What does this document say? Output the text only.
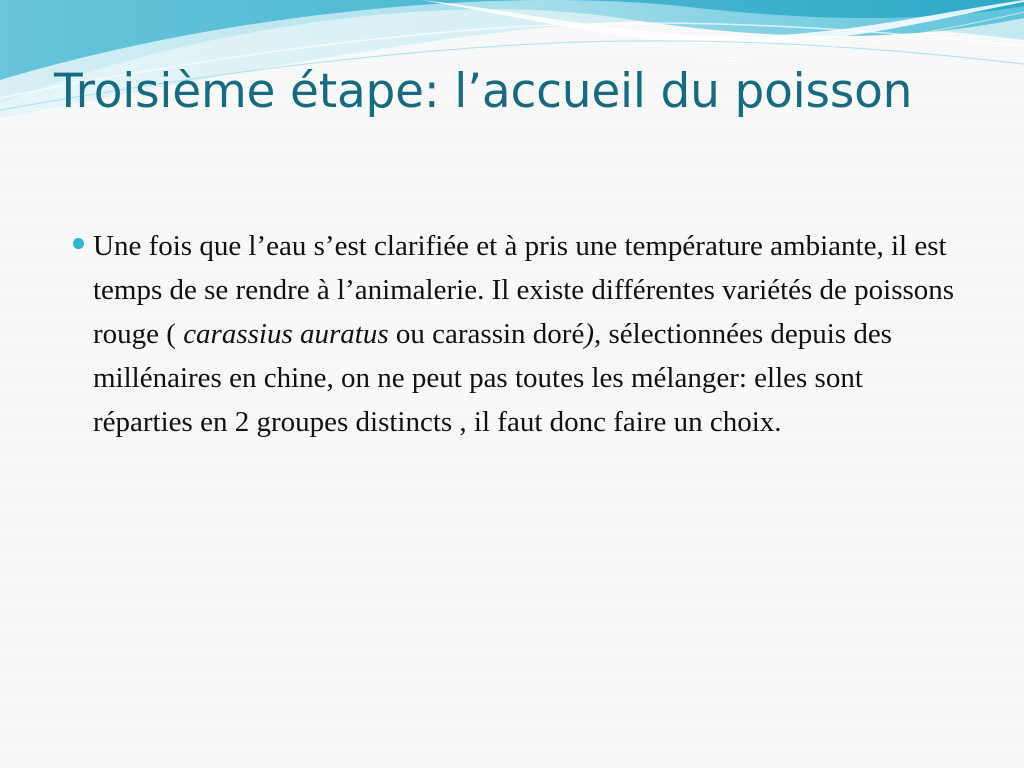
Troisième étape: l’accueil du poisson

Une fois que l’eau s’est clarifiée et à pris une température ambiante, il est temps de se rendre à l’animalerie. Il existe différentes variétés de poissons rouge ( carassius auratus ou carassin doré), sélectionnées depuis des millénaires en chine, on ne peut pas toutes les mélanger: elles sont réparties en 2 groupes distincts , il faut donc faire un choix.
